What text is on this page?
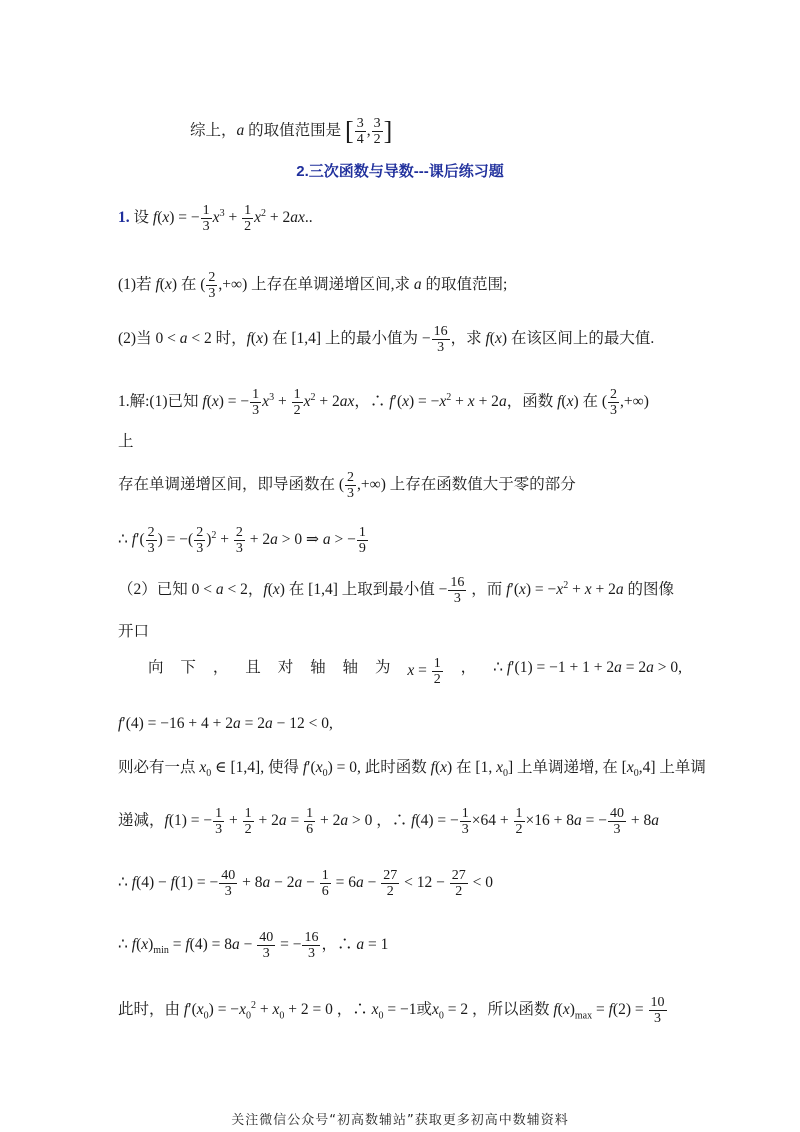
综上，a 的取值范围是 [ $\frac{3}{4}$ , $\frac{3}{2}$ ]
2.三次函数与导数---课后练习题
1. 设 f(x) = − $\frac{1}{3} x^3 + \frac{1}{2} x^2 + 2ax$..
(1)若 f(x) 在 ( $\frac{2}{3}$ ,+∞) 上存在单调递增区间,求 a 的取值范围;
(2)当 0 < a < 2 时，f(x) 在 [1,4] 上的最小值为 − $\frac{16}{3}$ ，求 f(x) 在该区间上的最大值.
1.解:(1)已知 f(x) = − $\frac{1}{3} x^3 + \frac{1}{2} x^2 + 2ax$，∴ $f'(x) = -x^2 + x + 2a$，函数 f(x) 在 ( $\frac{2}{3}$ ,+∞)
上
存在单调递增区间，即导函数在 ( $\frac{2}{3}$ ,+∞) 上存在函数值大于零的部分
∴ $f'( \frac{2}{3}$ ) = −( $\frac{2}{3} )^2 + \frac{2}{3} + 2a > 0$ ⇒ a > − $\frac{1}{9}$
（2）已知 0 < a < 2，f(x) 在 [1,4] 上取到最小值 − $\frac{16}{3}$ ，而 $f'(x) = -x^2 + x + 2a$ 的图像
开口
向 下 ， 且 对 轴 轴 为 $x = \frac{1}{2}$ ， ∴ f′(1) = −1 + 1 + 2a = 2a > 0,
f′(4) = −16 + 4 + 2a = 2a − 12 < 0,
则必有一点 $x_0$ ∈ [1,4], 使得 $f'(x_0) = 0$, 此时函数 f(x) 在 [1, $x_0$] 上单调递增, 在 $[x_0,4]$ 上单调
递减，f(1) = − $\frac{1}{3} + \frac{1}{2} + 2a = \frac{1}{6} + 2a > 0$ ，∴ f(4) = − $\frac{1}{3} \times 64 + \frac{1}{2} \times 16 + 8a$ = − $\frac{40}{3} + 8a$
∴ f(4) − f(1) = − $\frac{40}{3} + 8a - 2a - \frac{1}{6} = 6a - \frac{27}{2} < 12 - \frac{27}{2} < 0$
∴ $f(x)_{min} = f(4) = 8a - \frac{40}{3}$ = − $\frac{16}{3}$ ，∴ a = 1
此时，由 $f'(x_0) = -x_0^2 + x_0 + 2 = 0$ ，∴ $x_0 = -1$或$x_0 = 2$ ，所以函数 $f(x)_{max} = f(2) = \frac{10}{3}$
关注微信公众号“初高数辅站”获取更多初高中数辅资料
